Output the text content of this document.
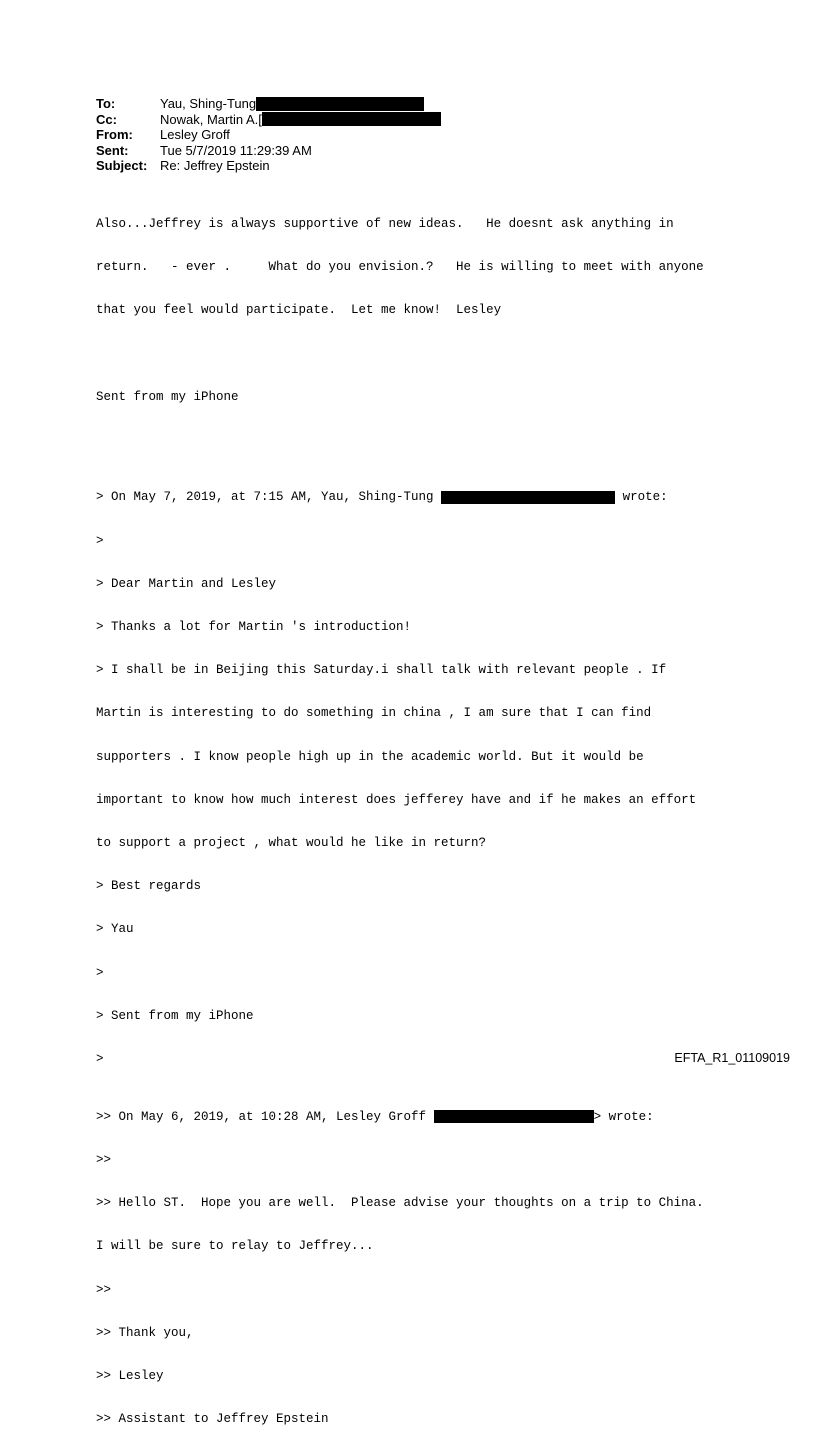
To:	Yau, Shing-Tung
Cc:	Nowak, Martin A.[
From:	Lesley Groff
Sent:	Tue 5/7/2019 11:29:39 AM
Subject: Re: Jeffrey Epstein

Also...Jeffrey is always supportive of new ideas.   He doesnt ask anything in

return.   - ever .     What do you envision.?   He is willing to meet with anyone

that you feel would participate.  Let me know!  Lesley

Sent from my iPhone

> On May 7, 2019, at 7:15 AM, Yau, Shing-Tung	wrote:

>

> Dear Martin and Lesley

> Thanks a lot for Martin 's introduction!

> I shall be in Beijing this Saturday.i shall talk with relevant people . If

Martin is interesting to do something in china , I am sure that I can find

supporters . I know people high up in the academic world. But it would be

important to know how much interest does jefferey have and if he makes an effort

to support a project , what would he like in return?

> Best regards

> Yau

>

> Sent from my iPhone

>

>> On May 6, 2019, at 10:28 AM, Lesley Groff	> wrote:

>>

>> Hello ST.  Hope you are well.  Please advise your thoughts on a trip to China.

I will be sure to relay to Jeffrey...

>>

>> Thank you,

>> Lesley

>> Assistant to Jeffrey Epstein

EFTA_R1_01109019
